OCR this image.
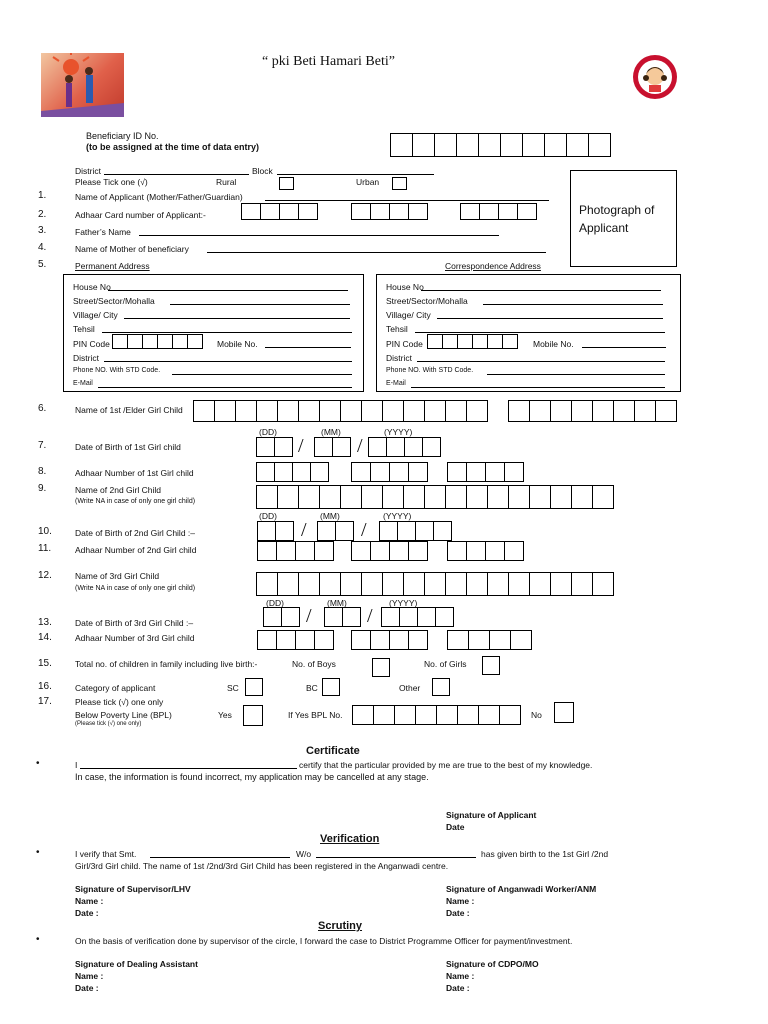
“ pki Beti Hamari Beti”
Beneficiary ID No.
(to be assigned at the time of data entry)
District	Block
Please Tick one (√)	Rural	Urban
Photograph of Applicant
1.	Name of Applicant (Mother/Father/Guardian)
2.	Adhaar Card number of Applicant:-
3.	Father’s Name
4.	Name of Mother of beneficiary
5.	Permanent Address	Correspondence Address
House No
Street/Sector/Mohalla
Village/ City
Tehsil
PIN Code	Mobile No.
District
Phone NO. With STD Code.
E-Mail
House No
Street/Sector/Mohalla
Village/ City
Tehsil
PIN Code	Mobile No.
District
Phone NO. With STD Code.
E-Mail
6.	Name of 1st /Elder Girl Child
(DD)	(MM)	(YYYY)
7.	Date of Birth of 1st Girl child	/	/
8.	Adhaar Number of 1st Girl child
9.	Name of 2nd Girl Child
(Write NA in case of only one girl child)
(DD)	(MM)	(YYYY)
10.	Date of Birth of 2nd Girl Child :–	/	/
11.	Adhaar Number of 2nd Girl child
12.	Name of 3rd Girl Child
(Write NA in case of only one girl child)
(DD)	(MM)	(YYYY)
13.	Date of Birth of 3rd Girl Child :–	/	/
14.	Adhaar Number of 3rd Girl child
15.	Total no. of children in family including live birth:-	No. of Boys	No. of Girls
16.	Category of applicant	SC	BC	Other
17.	Please tick (√) one only
Below Poverty Line (BPL)
(Please tick (√) one only)
Yes	If Yes BPL No.	No
Certificate
•	I	certify that the particular provided by me are true to the best of my knowledge.
In case, the information is found incorrect, my application may be cancelled at any stage.
Signature of Applicant
Date
Verification
•	I verify that Smt.	W/o	has given birth to the 1st Girl /2nd
Girl/3rd Girl child. The name of 1st /2nd/3rd Girl Child has been registered in the Anganwadi centre.
Signature of Supervisor/LHV
Name :
Date :
Signature of Anganwadi Worker/ANM
Name :
Date :
Scrutiny
•	On the basis of verification done by supervisor of the circle, I forward the case to District Programme Officer for payment/investment.
Signature of Dealing Assistant
Name :
Date :
Signature of CDPO/MO
Name :
Date :
